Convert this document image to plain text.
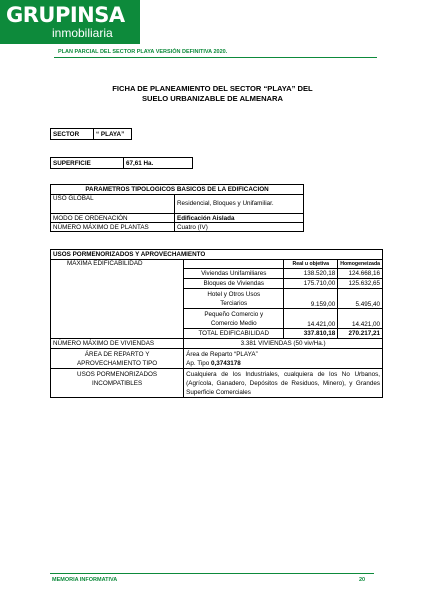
GRUPINSA
inmobiliaria
PLAN PARCIAL DEL SECTOR PLAYA VERSIÓN DEFINITIVA 2020.
FICHA DE PLANEAMIENTO DEL SECTOR “PLAYA” DEL
SUELO URBANIZABLE DE ALMENARA
SECTOR	“ PLAYA”
SUPERFICIE	67,61 Ha.
PARAMETROS TIPOLOGICOS BASICOS DE LA EDIFICACION	
USO GLOBAL	Residencial, Bloques y Unifamiliar.
MODO DE ORDENACIÓN	Edificación Aislada
NÚMERO MÁXIMO DE PLANTAS	Cuatro (IV)
USOS PORMENORIZADOS Y APROVECHAMIENTO			
MÁXIMA EDIFICABILIDAD		Real u objetiva	Homogeneizada
	Viviendas Unifamiliares	138.520,18	124.668,16
	Bloques de Viviendas	175.710,00	125.632,65
	Hotel y Otros Usos Terciarios	9.159,00	5.495,40
	Pequeño Comercio y Comercio Medio	14.421,00	14.421,00
	TOTAL EDIFICABILIDAD	337.810,18	270.217,21
NÚMERO MÁXIMO DE VIVIENDAS	3.381 VIVIENDAS (50 viv/Ha.)		
ÁREA DE REPARTO Y APROVECHAMIENTO TIPO	Área de Reparto “PLAYA”
Ap. Tipo 0,3743178		

USOS PORMENORIZADOS INCOMPATIBLES	Cualquiera de los Industriales, cualquiera de los No Urbanos, (Agrícola, Ganadero, Depósitos de Residuos, Minero), y Grandes Superficie Comerciales		
MEMORIA INFORMATIVA	20
